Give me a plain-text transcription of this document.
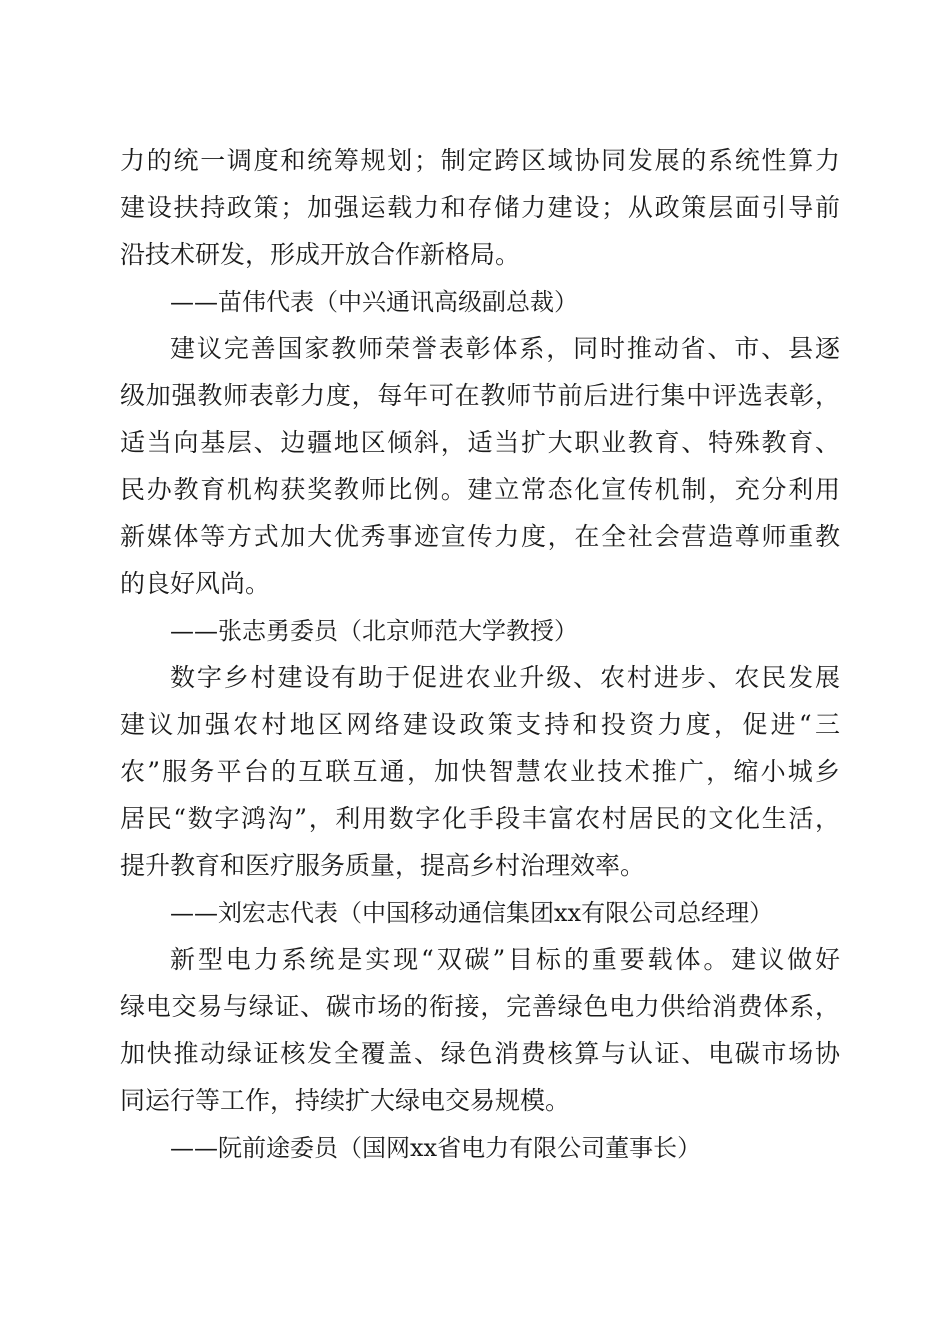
力的统一调度和统筹规划；制定跨区域协同发展的系统性算力
建设扶持政策；加强运载力和存储力建设；从政策层面引导前
沿技术研发，形成开放合作新格局。
——苗伟代表（中兴通讯高级副总裁）
建议完善国家教师荣誉表彰体系，同时推动省、市、县逐
级加强教师表彰力度，每年可在教师节前后进行集中评选表彰，
适当向基层、边疆地区倾斜，适当扩大职业教育、特殊教育、
民办教育机构获奖教师比例。建立常态化宣传机制，充分利用
新媒体等方式加大优秀事迹宣传力度，在全社会营造尊师重教
的良好风尚。
——张志勇委员（北京师范大学教授）
数字乡村建设有助于促进农业升级、农村进步、农民发展
建议加强农村地区网络建设政策支持和投资力度，促进“三
农”服务平台的互联互通，加快智慧农业技术推广，缩小城乡
居民“数字鸿沟”，利用数字化手段丰富农村居民的文化生活，
提升教育和医疗服务质量，提高乡村治理效率。
——刘宏志代表（中国移动通信集团xx有限公司总经理）
新型电力系统是实现“双碳”目标的重要载体。建议做好
绿电交易与绿证、碳市场的衔接，完善绿色电力供给消费体系，
加快推动绿证核发全覆盖、绿色消费核算与认证、电碳市场协
同运行等工作，持续扩大绿电交易规模。
——阮前途委员（国网xx省电力有限公司董事长）
